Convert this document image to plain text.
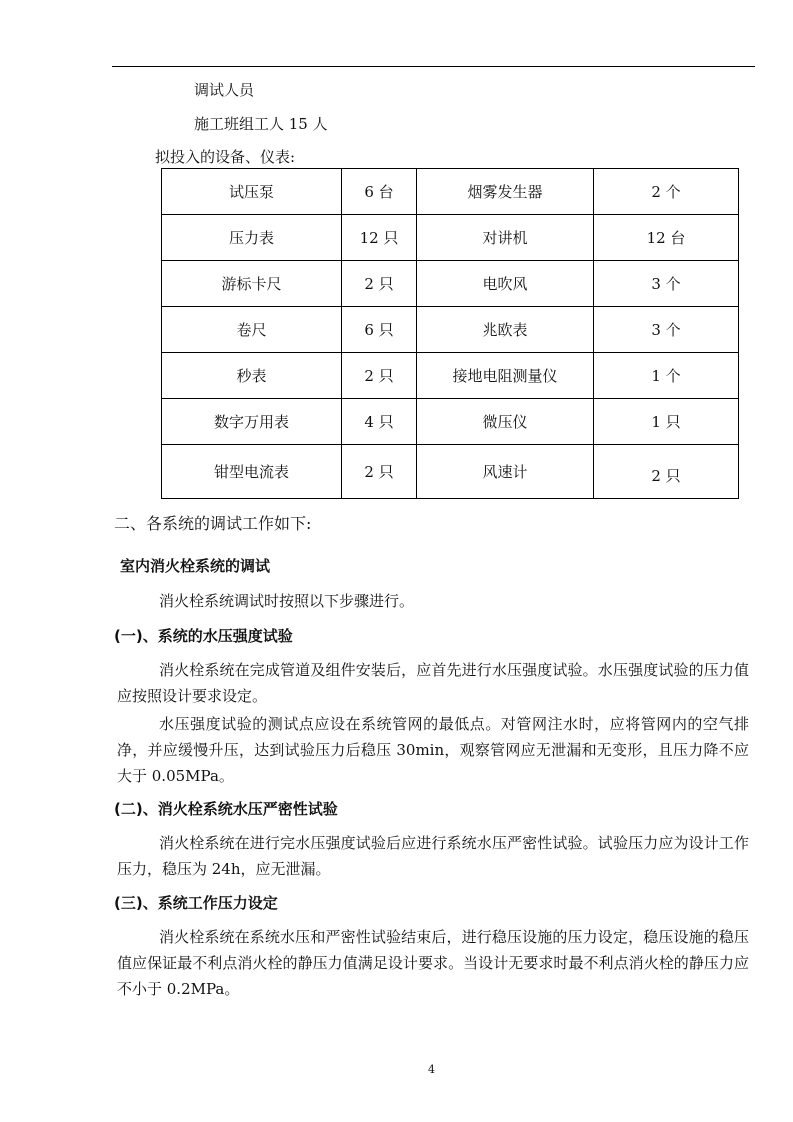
调试人员
施工班组工人 15 人
拟投入的设备、仪表:
试压泵	6 台	烟雾发生器	2 个
压力表	12 只	对讲机	12 台
游标卡尺	2 只	电吹风	3 个
卷尺	6 只	兆欧表	3 个
秒表	2 只	接地电阻测量仪	1 个
数字万用表	4 只	微压仪	1 只
钳型电流表	2 只	风速计	2 只
二、各系统的调试工作如下:
室内消火栓系统的调试
消火栓系统调试时按照以下步骤进行。
(一)、系统的水压强度试验
消火栓系统在完成管道及组件安装后，应首先进行水压强度试验。水压强度试验的压力值应按照设计要求设定。
水压强度试验的测试点应设在系统管网的最低点。对管网注水时，应将管网内的空气排净，并应缓慢升压，达到试验压力后稳压 30min，观察管网应无泄漏和无变形，且压力降不应大于 0.05MPa。
(二)、消火栓系统水压严密性试验
消火栓系统在进行完水压强度试验后应进行系统水压严密性试验。试验压力应为设计工作压力，稳压为 24h，应无泄漏。
(三)、系统工作压力设定
消火栓系统在系统水压和严密性试验结束后，进行稳压设施的压力设定，稳压设施的稳压值应保证最不利点消火栓的静压力值满足设计要求。当设计无要求时最不利点消火栓的静压力应不小于 0.2MPa。
4
